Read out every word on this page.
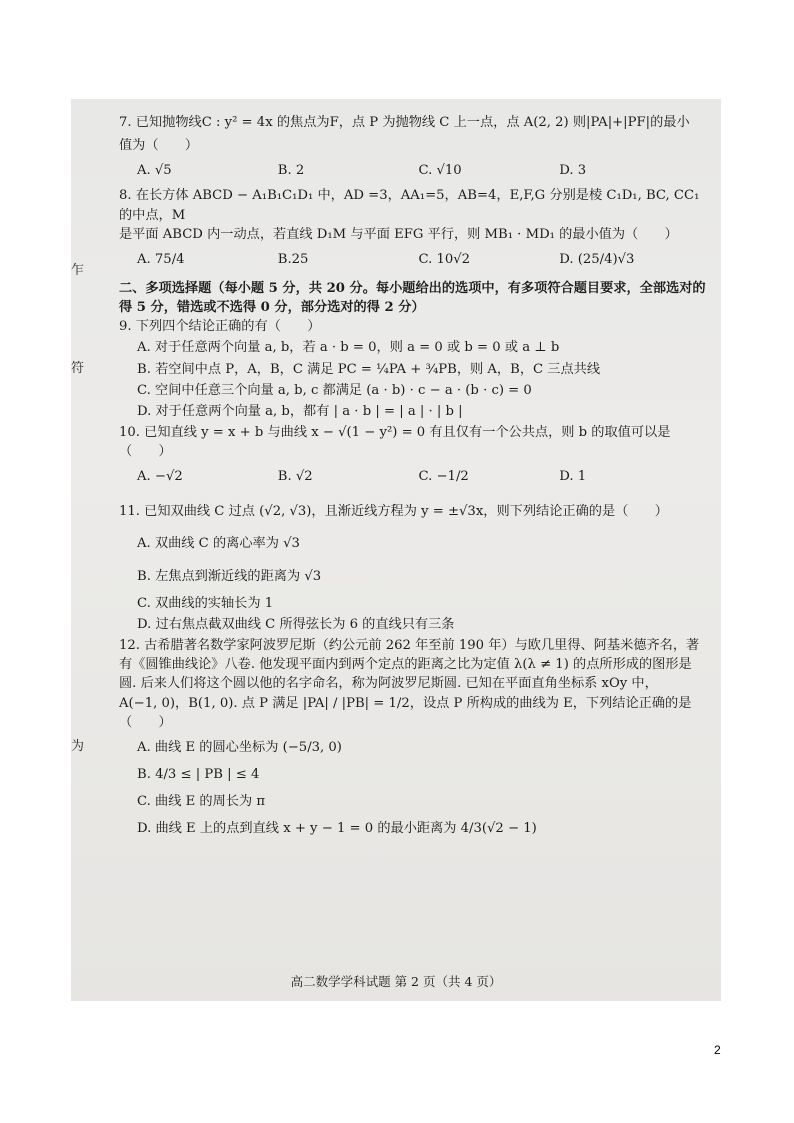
乍
符
为
7. 已知抛物线C : y² = 4x 的焦点为F，点 P 为抛物线 C 上一点，点 A(2, 2) 则|PA|+|PF|的最小
值为（　　）
A. √5	B. 2	C. √10	D. 3
8. 在长方体 ABCD − A₁B₁C₁D₁ 中，AD =3，AA₁=5，AB=4，E,F,G 分别是棱 C₁D₁, BC, CC₁ 的中点，M
是平面 ABCD 内一动点，若直线 D₁M 与平面 EFG 平行，则 MB₁ · MD₁ 的最小值为（　　）
A. 75/4	B.25	C. 10√2	D. (25/4)√3
二、多项选择题（每小题 5 分，共 20 分。每小题给出的选项中，有多项符合题目要求，全部选对的
得 5 分，错选或不选得 0 分，部分选对的得 2 分）
9. 下列四个结论正确的有（　　）
A. 对于任意两个向量 a, b，若 a · b = 0，则 a = 0 或 b = 0 或 a ⊥ b
B. 若空间中点 P，A，B，C 满足 PC = ¼PA + ¾PB，则 A，B，C 三点共线
C. 空间中任意三个向量 a, b, c 都满足 (a · b) · c − a · (b · c) = 0
D. 对于任意两个向量 a, b，都有 | a · b | = | a | · | b |
10. 已知直线 y = x + b 与曲线 x − √(1 − y²) = 0 有且仅有一个公共点，则 b 的取值可以是（　　）
A. −√2	B. √2	C. −1/2	D. 1
11. 已知双曲线 C 过点 (√2, √3)，且渐近线方程为 y = ±√3x，则下列结论正确的是（　　）
A. 双曲线 C 的离心率为 √3
B. 左焦点到渐近线的距离为 √3
C. 双曲线的实轴长为 1
D. 过右焦点截双曲线 C 所得弦长为 6 的直线只有三条
12. 古希腊著名数学家阿波罗尼斯（约公元前 262 年至前 190 年）与欧几里得、阿基米德齐名，著
有《圆锥曲线论》八卷. 他发现平面内到两个定点的距离之比为定值 λ(λ ≠ 1) 的点所形成的图形是
圆. 后来人们将这个圆以他的名字命名，称为阿波罗尼斯圆. 已知在平面直角坐标系 xOy 中，
A(−1, 0)，B(1, 0). 点 P 满足 |PA| / |PB| = 1/2，设点 P 所构成的曲线为 E，下列结论正确的是（　　）
A. 曲线 E 的圆心坐标为 (−5/3, 0)
B. 4/3 ≤ | PB | ≤ 4
C. 曲线 E 的周长为 π
D. 曲线 E 上的点到直线 x + y − 1 = 0 的最小距离为 4/3(√2 − 1)
高二数学学科试题 第 2 页（共 4 页）
2
